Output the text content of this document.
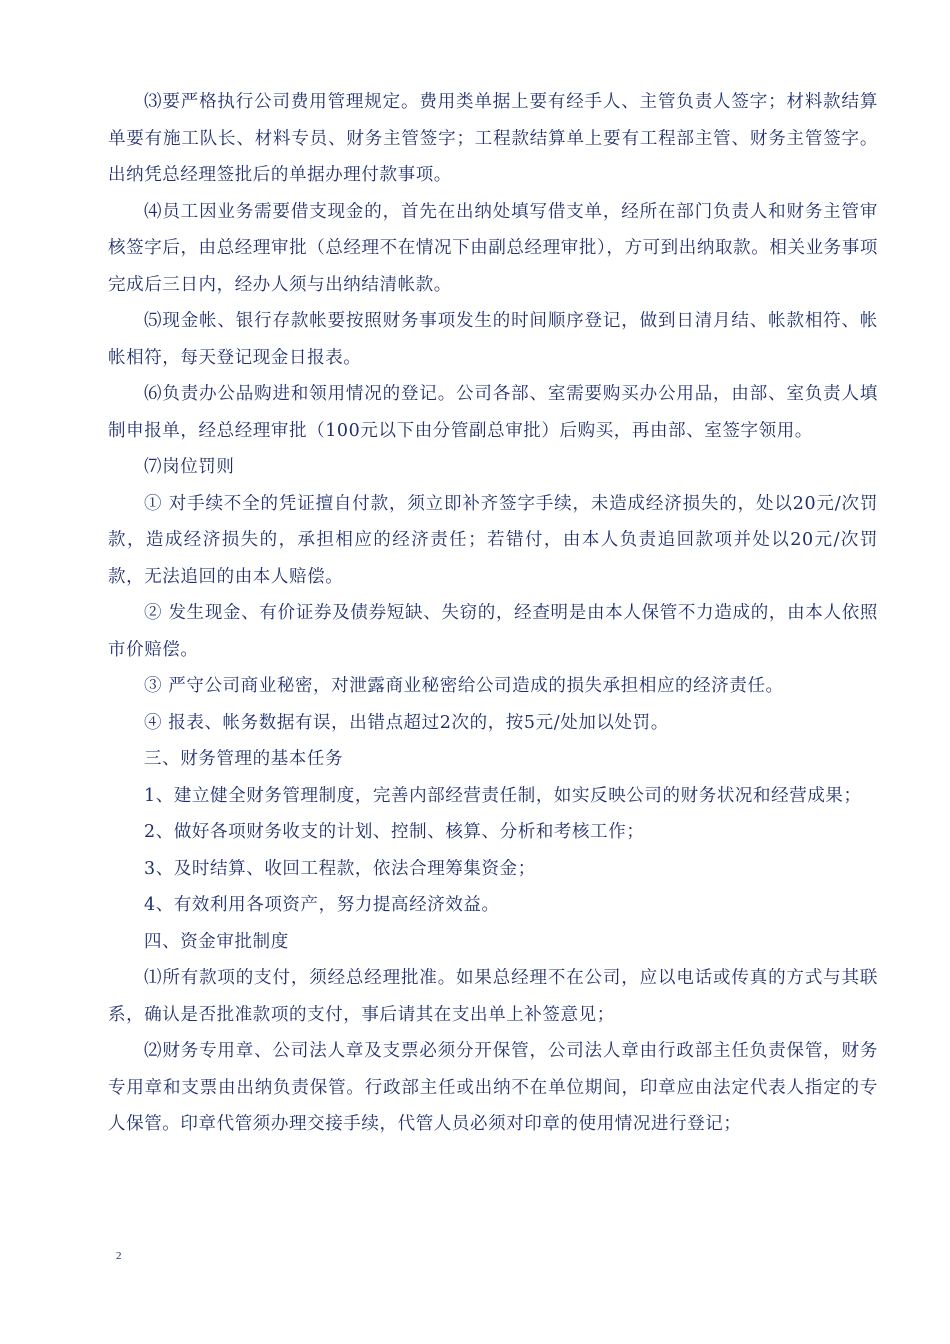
⑶要严格执行公司费用管理规定。费用类单据上要有经手人、主管负责人签字；材料款结算单要有施工队长、材料专员、财务主管签字；工程款结算单上要有工程部主管、财务主管签字。出纳凭总经理签批后的单据办理付款事项。

⑷员工因业务需要借支现金的，首先在出纳处填写借支单，经所在部门负责人和财务主管审核签字后，由总经理审批（总经理不在情况下由副总经理审批），方可到出纳取款。相关业务事项完成后三日内，经办人须与出纳结清帐款。

⑸现金帐、银行存款帐要按照财务事项发生的时间顺序登记，做到日清月结、帐款相符、帐帐相符，每天登记现金日报表。

⑹负责办公品购进和领用情况的登记。公司各部、室需要购买办公用品，由部、室负责人填制申报单，经总经理审批（100元以下由分管副总审批）后购买，再由部、室签字领用。

⑺岗位罚则

① 对手续不全的凭证擅自付款，须立即补齐签字手续，未造成经济损失的，处以20元/次罚款，造成经济损失的，承担相应的经济责任；若错付，由本人负责追回款项并处以20元/次罚款，无法追回的由本人赔偿。

② 发生现金、有价证券及债券短缺、失窃的，经查明是由本人保管不力造成的，由本人依照市价赔偿。

③ 严守公司商业秘密，对泄露商业秘密给公司造成的损失承担相应的经济责任。

④ 报表、帐务数据有误，出错点超过2次的，按5元/处加以处罚。

三、财务管理的基本任务

1、建立健全财务管理制度，完善内部经营责任制，如实反映公司的财务状况和经营成果；

2、做好各项财务收支的计划、控制、核算、分析和考核工作；

3、及时结算、收回工程款，依法合理筹集资金；

4、有效利用各项资产，努力提高经济效益。

四、资金审批制度

⑴所有款项的支付，须经总经理批准。如果总经理不在公司，应以电话或传真的方式与其联系，确认是否批准款项的支付，事后请其在支出单上补签意见；

⑵财务专用章、公司法人章及支票必须分开保管，公司法人章由行政部主任负责保管，财务专用章和支票由出纳负责保管。行政部主任或出纳不在单位期间，印章应由法定代表人指定的专人保管。印章代管须办理交接手续，代管人员必须对印章的使用情况进行登记；

2
